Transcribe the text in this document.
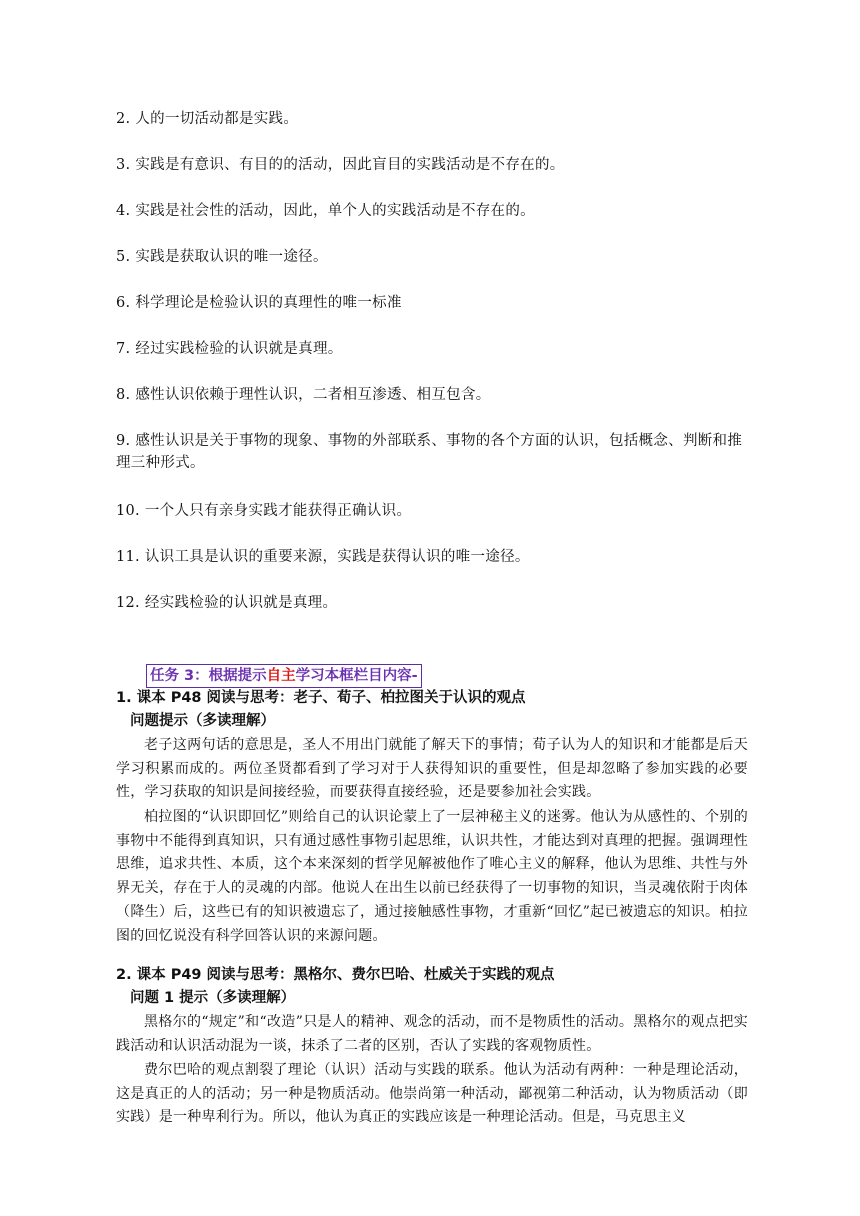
2. 人的一切活动都是实践。
3. 实践是有意识、有目的的活动，因此盲目的实践活动是不存在的。
4. 实践是社会性的活动，因此，单个人的实践活动是不存在的。
5. 实践是获取认识的唯一途径。
6. 科学理论是检验认识的真理性的唯一标准
7. 经过实践检验的认识就是真理。
8. 感性认识依赖于理性认识，二者相互渗透、相互包含。
9. 感性认识是关于事物的现象、事物的外部联系、事物的各个方面的认识，包括概念、判断和推理三种形式。
10. 一个人只有亲身实践才能获得正确认识。
11. 认识工具是认识的重要来源，实践是获得认识的唯一途径。
12. 经实践检验的认识就是真理。
任务 3：根据提示自主学习本框栏目内容-
1. 课本 P48 阅读与思考：老子、荀子、柏拉图关于认识的观点
问题提示（多读理解）
老子这两句话的意思是，圣人不用出门就能了解天下的事情；荀子认为人的知识和才能都是后天学习积累而成的。两位圣贤都看到了学习对于人获得知识的重要性，但是却忽略了参加实践的必要性，学习获取的知识是间接经验，而要获得直接经验，还是要参加社会实践。
柏拉图的“认识即回忆”则给自己的认识论蒙上了一层神秘主义的迷雾。他认为从感性的、个别的事物中不能得到真知识，只有通过感性事物引起思维，认识共性，才能达到对真理的把握。强调理性思维，追求共性、本质，这个本来深刻的哲学见解被他作了唯心主义的解释，他认为思维、共性与外界无关，存在于人的灵魂的内部。他说人在出生以前已经获得了一切事物的知识，当灵魂依附于肉体（降生）后，这些已有的知识被遗忘了，通过接触感性事物，才重新“回忆”起已被遗忘的知识。柏拉图的回忆说没有科学回答认识的来源问题。
2. 课本 P49 阅读与思考：黑格尔、费尔巴哈、杜威关于实践的观点
问题 1 提示（多读理解）
黑格尔的“规定”和“改造”只是人的精神、观念的活动，而不是物质性的活动。黑格尔的观点把实践活动和认识活动混为一谈，抹杀了二者的区别，否认了实践的客观物质性。
费尔巴哈的观点割裂了理论（认识）活动与实践的联系。他认为活动有两种：一种是理论活动，这是真正的人的活动；另一种是物质活动。他崇尚第一种活动，鄙视第二种活动，认为物质活动（即实践）是一种卑利行为。所以，他认为真正的实践应该是一种理论活动。但是，马克思主义
